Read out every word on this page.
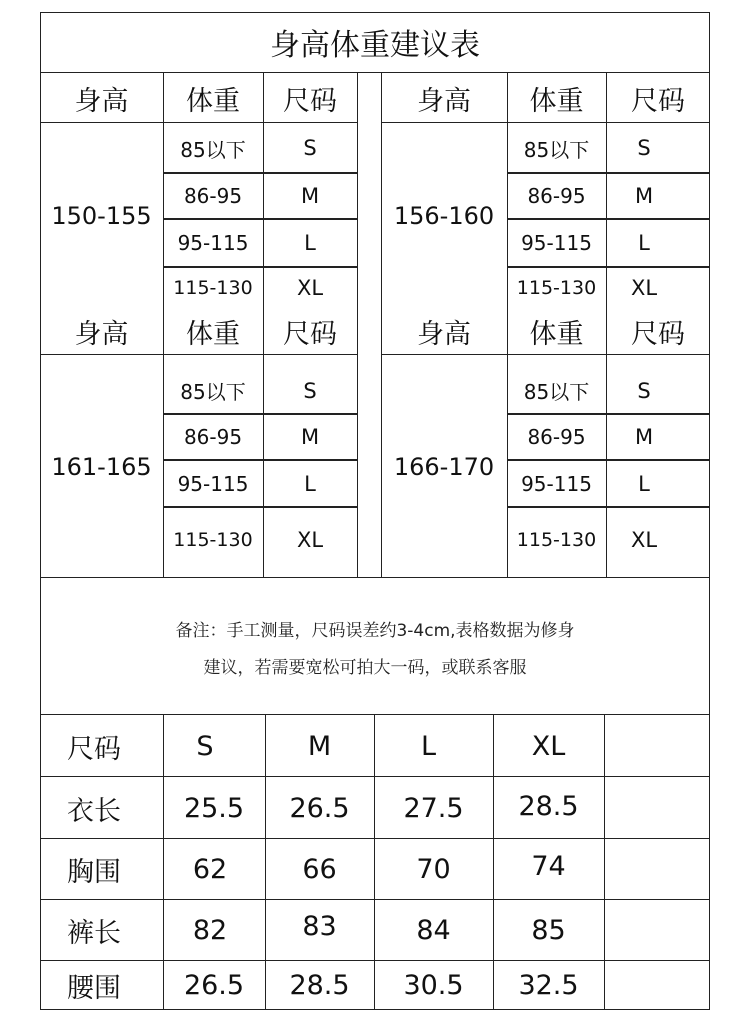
身高体重建议表
身高	体重	尺码	身高	体重	尺码
150-155
85以下	S
86-95	M
95-115	L
115-130	XL
156-160
85以下	S
86-95	M
95-115	L
115-130	XL
身高	体重	尺码	身高	体重	尺码
161-165
85以下	S
86-95	M
95-115	L
115-130	XL
166-170
85以下	S
86-95	M
95-115	L
115-130	XL
备注：手工测量，尺码误差约3-4cm,表格数据为修身
建议，若需要宽松可拍大一码，或联系客服
尺码	S	M	L	XL
衣长	25.5	26.5	27.5	28.5
胸围	62	66	70	74
裤长	82	83	84	85
腰围	26.5	28.5	30.5	32.5
